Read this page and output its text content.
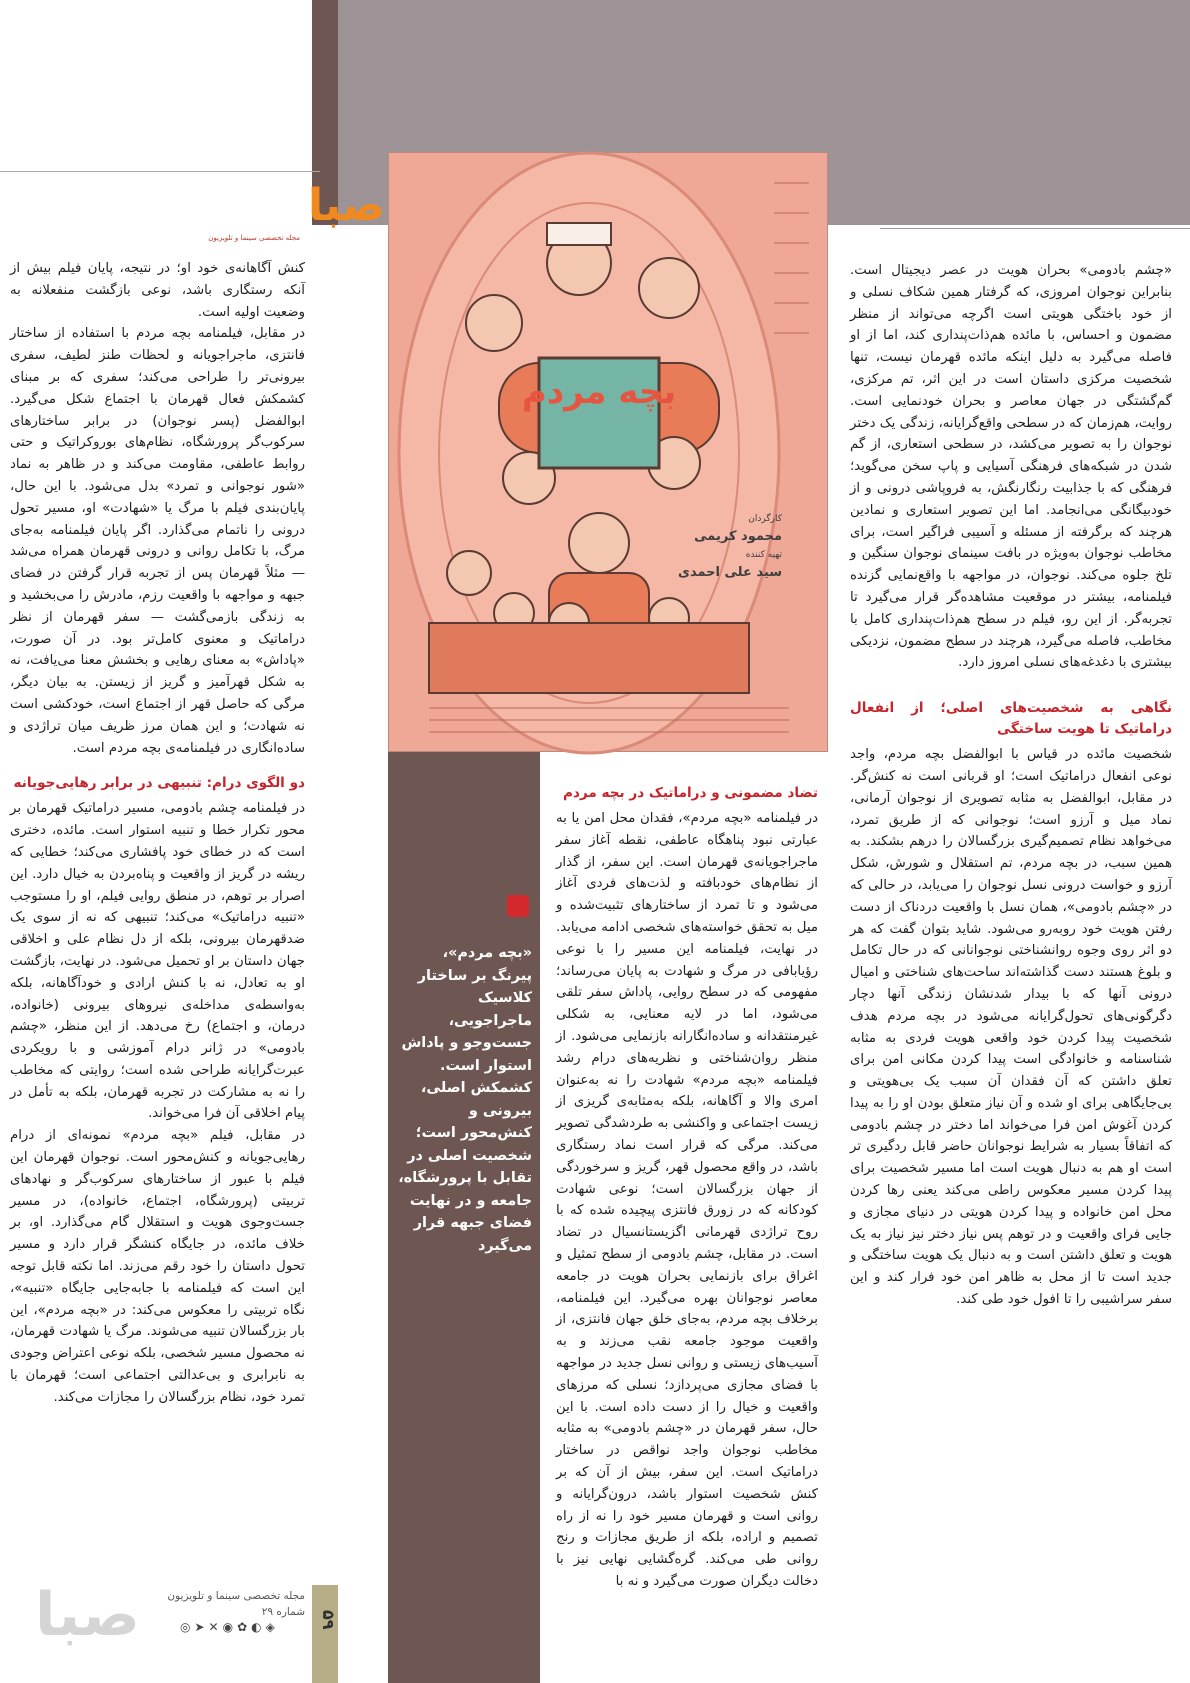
۵۹
صبا
مجله تخصصی سینما و تلویزیون
بچه مردم
کارگردان
محمود کریمی
تهیه کننده
سید علی احمدی
«بچه مردم»، پیرنگ بر ساختار کلاسیک ماجراجویی، جست‌وجو و پاداش استوار است. کشمکش اصلی، بیرونی و کنش‌محور است؛ شخصیت اصلی در تقابل با پرورشگاه، جامعه و در نهایت فضای جبهه قرار می‌گیرد

«چشم بادومی» بحران هویت در عصر دیجیتال است. بنابراین نوجوان امروزی، که گرفتار همین شکاف نسلی و از خود باختگی هویتی است اگرچه می‌تواند از منظر مضمون و احساس، با مائده هم‌ذات‌پنداری کند، اما از او فاصله می‌گیرد به دلیل اینکه مائده قهرمان نیست، تنها شخصیت مرکزی داستان است در این اثر، تم مرکزی، گم‌گشتگی در جهان معاصر و بحران خودنمایی است. روایت، هم‌زمان که در سطحی واقع‌گرایانه، زندگی یک دختر نوجوان را به تصویر می‌کشد، در سطحی استعاری، از گم شدن در شبکه‌های فرهنگی آسیایی و پاپ سخن می‌گوید؛ فرهنگی که با جذابیت رنگارنگش، به فروپاشی درونی و از خودبیگانگی می‌انجامد. اما این تصویر استعاری و نمادین هرچند که برگرفته از مسئله و آسیبی فراگیر است، برای مخاطب نوجوان به‌ویژه در بافت سینمای نوجوان سنگین و تلخ جلوه می‌کند. نوجوان، در مواجهه با واقع‌نمایی گزنده فیلمنامه، بیشتر در موقعیت مشاهده‌گر قرار می‌گیرد تا تجربه‌گر. از این رو، فیلم در سطح هم‌ذات‌پنداری کامل با مخاطب، فاصله می‌گیرد، هرچند در سطح مضمون، نزدیکی بیشتری با دغدغه‌های نسلی امروز دارد.

نگاهی به شخصیت‌های اصلی؛ از انفعال دراماتیک تا هویت ساختگی

شخصیت مائده در قیاس با ابوالفضل بچه مردم، واجد نوعی انفعال دراماتیک است؛ او قربانی است نه کنش‌گر. در مقابل، ابوالفضل به مثابه تصویری از نوجوان آرمانی، نماد میل و آرزو است؛ نوجوانی که از طریق تمرد، می‌خواهد نظام تصمیم‌گیری بزرگسالان را درهم بشکند. به همین سبب، در بچه مردم، تم استقلال و شورش، شکل آرزو و خواست درونی نسل نوجوان را می‌یابد، در حالی که در «چشم بادومی»، همان نسل با واقعیت دردناک از دست رفتن هویت خود روبه‌رو می‌شود. شاید بتوان گفت که هر دو اثر روی وجوه روانشناختی نوجوانانی که در حال تکامل و بلوغ هستند دست گذاشته‌اند ساحت‌های شناختی و امیال درونی آنها که با بیدار شدنشان زندگی آنها دچار دگرگونی‌های تحول‌گرایانه می‌شود در بچه مردم هدف شخصیت پیدا کردن خود واقعی هویت فردی به مثابه شناسنامه و خانوادگی است پیدا کردن مکانی امن برای تعلق داشتن که آن فقدان آن سبب یک بی‌هویتی و بی‌جایگاهی برای او شده و آن نیاز متعلق بودن او را به پیدا کردن آغوش امن فرا می‌خواند اما دختر در چشم بادومی که اتفاقاً بسیار به شرایط نوجوانان حاضر قابل ردگیری تر است او هم به دنبال هویت است اما مسیر شخصیت برای پیدا کردن مسیر معکوس راطی می‌کند یعنی رها کردن محل امن خانواده و پیدا کردن هویتی در دنیای مجازی و جایی فرای واقعیت و در توهم پس نیاز دختر نیز نیاز به یک هویت و تعلق داشتن است و به دنبال یک هویت ساختگی و جدید است تا از محل به ظاهر امن خود فرار کند و این سفر سراشیبی را تا افول خود طی کند.

تضاد مضمونی و دراماتیک در بچه مردم

در فیلمنامه «بچه مردم»، فقدان محل امن یا به عبارتی نبود پناهگاه عاطفی، نقطه آغاز سفر ماجراجویانه‌ی قهرمان است. این سفر، از گذار از نظام‌های خودبافته و لذت‌های فردی آغاز می‌شود و تا تمرد از ساختارهای تثبیت‌شده و میل به تحقق خواسته‌های شخصی ادامه می‌یابد. در نهایت، فیلمنامه این مسیر را با نوعی رؤیابافی در مرگ و شهادت به پایان می‌رساند؛ مفهومی که در سطح روایی، پاداش سفر تلقی می‌شود، اما در لایه معنایی، به شکلی غیرمنتقدانه و ساده‌انگارانه بازنمایی می‌شود. از منظر روان‌شناختی و نظریه‌های درام رشد فیلمنامه «بچه مردم» شهادت را نه به‌عنوان امری والا و آگاهانه، بلکه به‌مثابه‌ی گریزی از زیست اجتماعی و واکنشی به طردشدگی تصویر می‌کند. مرگی که قرار است نماد رستگاری باشد، در واقع محصول قهر، گریز و سرخوردگی از جهان بزرگسالان است؛ نوعی شهادت کودکانه که در زورق فانتزی پیچیده شده که با روح تراژدی قهرمانی اگزیستانسیال در تضاد است. در مقابل، چشم بادومی از سطح تمثیل و اغراق برای بازنمایی بحران هویت در جامعه معاصر نوجوانان بهره می‌گیرد. این فیلمنامه، برخلاف بچه مردم، به‌جای خلق جهان فانتزی، از واقعیت موجود جامعه نقب می‌زند و به آسیب‌های زیستی و روانی نسل جدید در مواجهه با فضای مجازی می‌پردازد؛ نسلی که مرزهای واقعیت و خیال را از دست داده است. با این حال، سفر قهرمان در «چشم بادومی» به مثابه مخاطب نوجوان واجد نواقص در ساختار دراماتیک است. این سفر، بیش از آن که بر کنش شخصیت استوار باشد، درون‌گرایانه و روانی است و قهرمان مسیر خود را نه از راه تصمیم و اراده، بلکه از طریق مجازات و رنج روانی طی می‌کند. گره‌گشایی نهایی نیز با دخالت دیگران صورت می‌گیرد و نه با

کنش آگاهانه‌ی خود او؛ در نتیجه، پایان فیلم بیش از آنکه رستگاری باشد، نوعی بازگشت منفعلانه به وضعیت اولیه است.

در مقابل، فیلمنامه بچه مردم با استفاده از ساختار فانتزی، ماجراجویانه و لحظات طنز لطیف، سفری بیرونی‌تر را طراحی می‌کند؛ سفری که بر مبنای کشمکش فعال قهرمان با اجتماع شکل می‌گیرد. ابوالفضل (پسر نوجوان) در برابر ساختارهای سرکوب‌گر پرورشگاه، نظام‌های بوروکراتیک و حتی روابط عاطفی، مقاومت می‌کند و در ظاهر به نماد «شور نوجوانی و تمرد» بدل می‌شود. با این حال، پایان‌بندی فیلم با مرگ یا «شهادت» او، مسیر تحول درونی را ناتمام می‌گذارد. اگر پایان فیلمنامه به‌جای مرگ، با تکامل روانی و درونی قهرمان همراه می‌شد — مثلاً قهرمان پس از تجربه قرار گرفتن در فضای جبهه و مواجهه با واقعیت رزم، مادرش را می‌بخشید و به زندگی بازمی‌گشت — سفر قهرمان از نظر دراماتیک و معنوی کامل‌تر بود. در آن صورت، «پاداش» به معنای رهایی و بخشش معنا می‌یافت، نه به شکل قهرآمیز و گریز از زیستن. به بیان دیگر، مرگی که حاصل قهر از اجتماع است، خودکشی است نه شهادت؛ و این همان مرز ظریف میان تراژدی و ساده‌انگاری در فیلمنامه‌ی بچه مردم است.

دو الگوی درام: تنبیهی در برابر رهایی‌جویانه

در فیلمنامه چشم بادومی، مسیر دراماتیک قهرمان بر محور تکرار خطا و تنبیه استوار است. مائده، دختری است که در خطای خود پافشاری می‌کند؛ خطایی که ریشه در گریز از واقعیت و پناه‌بردن به خیال دارد. این اصرار بر توهم، در منطق روایی فیلم، او را مستوجب «تنبیه دراماتیک» می‌کند؛ تنبیهی که نه از سوی یک ضدقهرمان بیرونی، بلکه از دل نظام علی و اخلاقی جهان داستان بر او تحمیل می‌شود. در نهایت، بازگشت او به تعادل، نه با کنش ارادی و خودآگاهانه، بلکه به‌واسطه‌ی مداخله‌ی نیروهای بیرونی (خانواده، درمان، و اجتماع) رخ می‌دهد. از این منظر، «چشم بادومی» در ژانر درام آموزشی و با رویکردی عبرت‌گرایانه طراحی شده است؛ روایتی که مخاطب را نه به مشارکت در تجربه قهرمان، بلکه به تأمل در پیام اخلاقی آن فرا می‌خواند.

در مقابل، فیلم «بچه مردم» نمونه‌ای از درام رهایی‌جویانه و کنش‌محور است. نوجوان قهرمان این فیلم با عبور از ساختارهای سرکوب‌گر و نهادهای تربیتی (پرورشگاه، اجتماع، خانواده)، در مسیر جست‌وجوی هویت و استقلال گام می‌گذارد. او، بر خلاف مائده، در جایگاه کنشگر قرار دارد و مسیر تحول داستان را خود رقم می‌زند. اما نکته قابل توجه این است که فیلمنامه با جابه‌جایی جایگاه «تنبیه»، نگاه تربیتی را معکوس می‌کند: در «بچه مردم»، این بار بزرگسالان تنبیه می‌شوند. مرگ یا شهادت قهرمان، نه محصول مسیر شخصی، بلکه نوعی اعتراض وجودی به نابرابری و بی‌عدالتی اجتماعی است؛ قهرمان با تمرد خود، نظام بزرگسالان را مجازات می‌کند.

صبا	مجله تخصصی سینما و تلویزیون
شماره ۲۹
◎➤✕◉✿◐◈
